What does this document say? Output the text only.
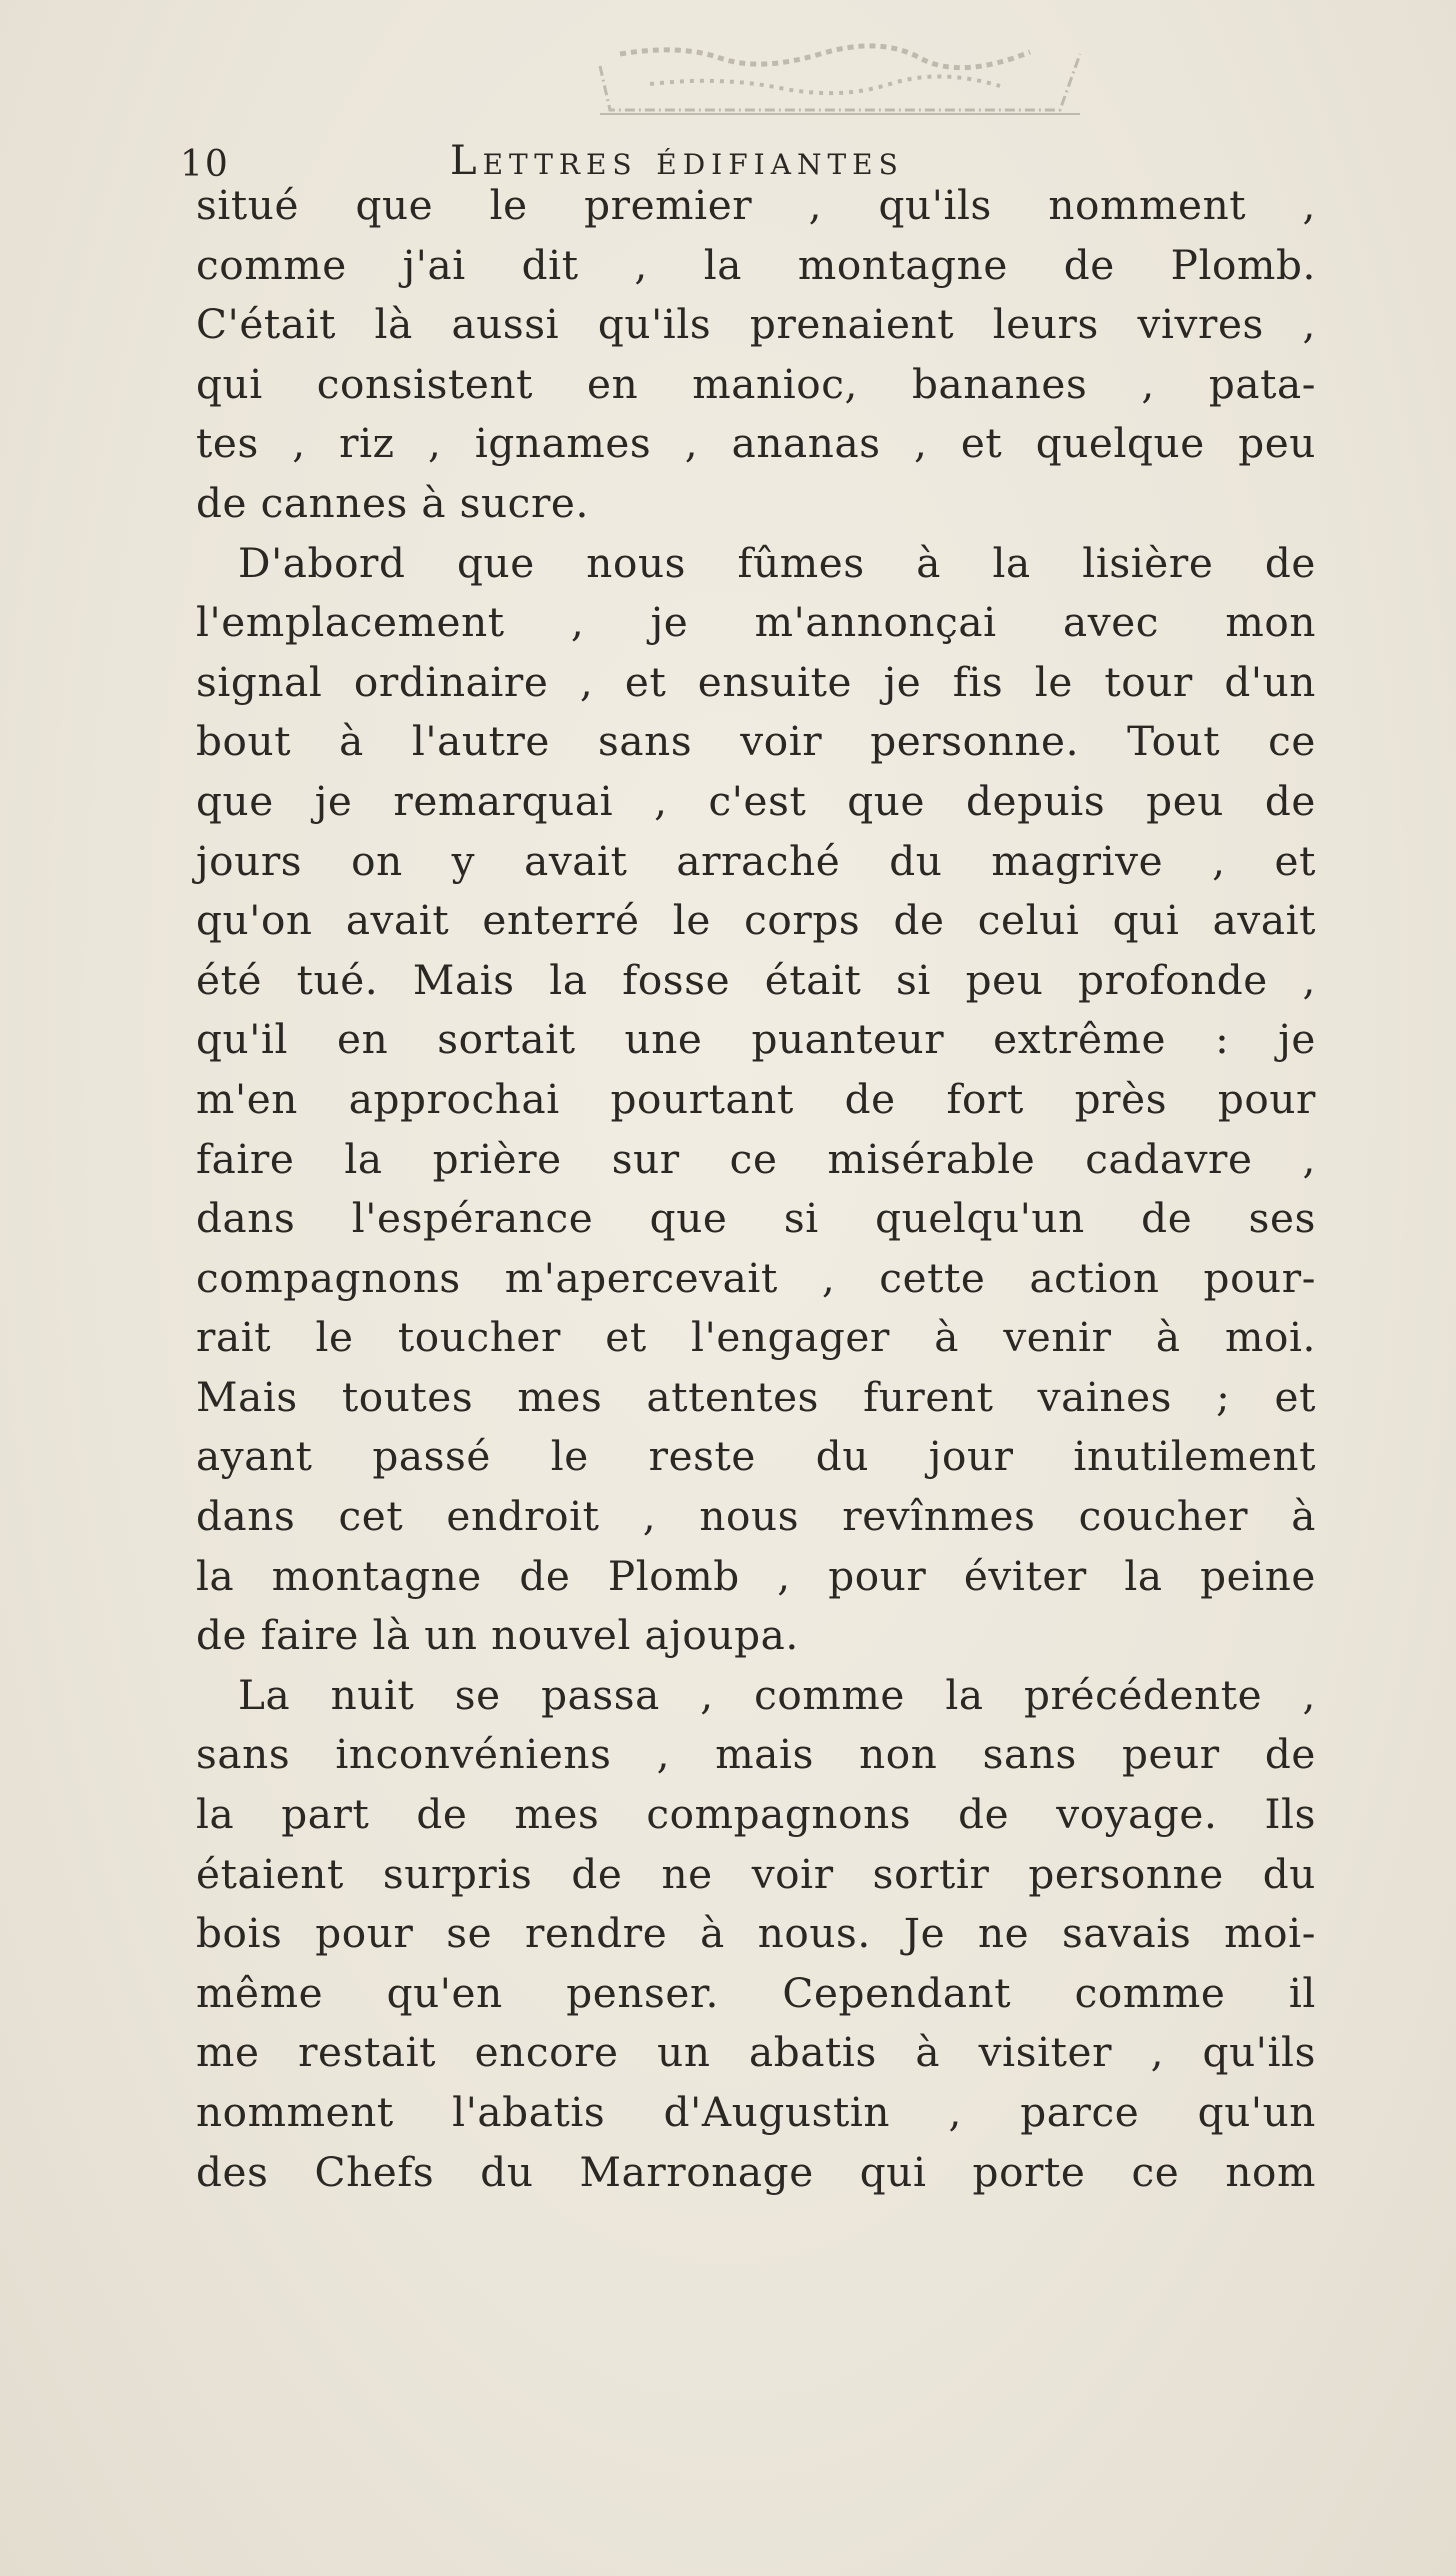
10	Lettres édifiantes
situé que le premier , qu'ils nomment ,
comme j'ai dit , la montagne de Plomb.
C'était là aussi qu'ils prenaient leurs vivres ,
qui consistent en manioc, bananes , pata-
tes , riz , ignames , ananas , et quelque peu
de cannes à sucre.
D'abord que nous fûmes à la lisière de
l'emplacement , je m'annonçai avec mon
signal ordinaire , et ensuite je fis le tour d'un
bout à l'autre sans voir personne. Tout ce
que je remarquai , c'est que depuis peu de
jours on y avait arraché du magrive , et
qu'on avait enterré le corps de celui qui avait
été tué. Mais la fosse était si peu profonde ,
qu'il en sortait une puanteur extrême : je
m'en approchai pourtant de fort près pour
faire la prière sur ce misérable cadavre ,
dans l'espérance que si quelqu'un de ses
compagnons m'apercevait , cette action pour-
rait le toucher et l'engager à venir à moi.
Mais toutes mes attentes furent vaines ; et
ayant passé le reste du jour inutilement
dans cet endroit , nous revînmes coucher à
la montagne de Plomb , pour éviter la peine
de faire là un nouvel ajoupa.
La nuit se passa , comme la précédente ,
sans inconvéniens , mais non sans peur de
la part de mes compagnons de voyage. Ils
étaient surpris de ne voir sortir personne du
bois pour se rendre à nous. Je ne savais moi-
même qu'en penser. Cependant comme il
me restait encore un abatis à visiter , qu'ils
nomment l'abatis d'Augustin , parce qu'un
des Chefs du Marronage qui porte ce nom
